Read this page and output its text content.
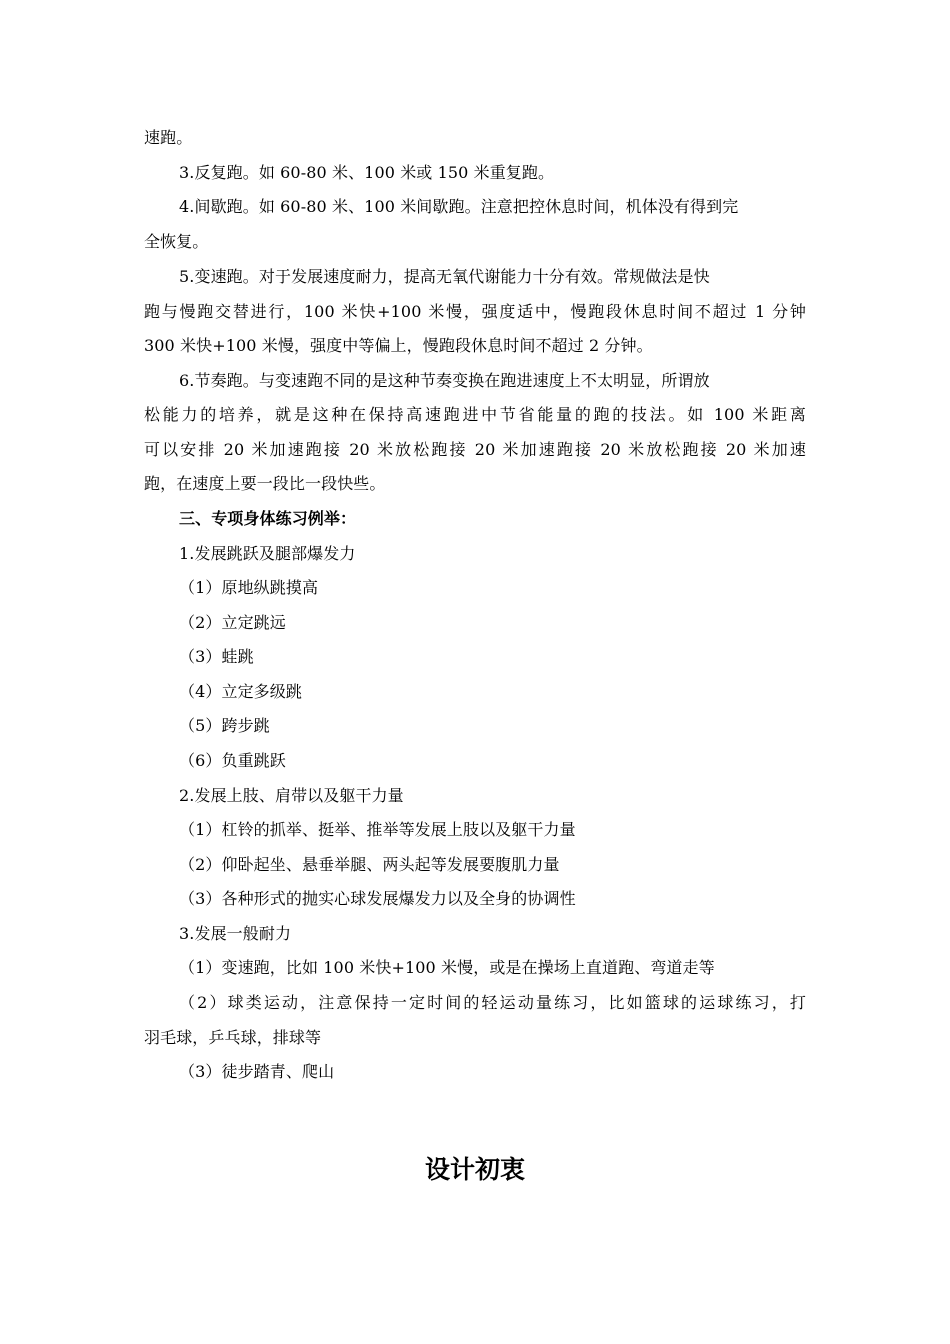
速跑。

3.反复跑。如 60-80 米、100 米或 150 米重复跑。

4.间歇跑。如 60-80 米、100 米间歇跑。注意把控休息时间，机体没有得到完

全恢复。

5.变速跑。对于发展速度耐力，提高无氧代谢能力十分有效。常规做法是快

跑与慢跑交替进行，100 米快+100 米慢，强度适中，慢跑段休息时间不超过 1 分钟

300 米快+100 米慢，强度中等偏上，慢跑段休息时间不超过 2 分钟。

6.节奏跑。与变速跑不同的是这种节奏变换在跑进速度上不太明显，所谓放

松能力的培养，就是这种在保持高速跑进中节省能量的跑的技法。如 100 米距离

可以安排 20 米加速跑接 20 米放松跑接 20 米加速跑接 20 米放松跑接 20 米加速

跑，在速度上要一段比一段快些。

三、专项身体练习例举：

1.发展跳跃及腿部爆发力

（1）原地纵跳摸高

（2）立定跳远

（3）蛙跳

（4）立定多级跳

（5）跨步跳

（6）负重跳跃

2.发展上肢、肩带以及躯干力量

（1）杠铃的抓举、挺举、推举等发展上肢以及躯干力量

（2）仰卧起坐、悬垂举腿、两头起等发展要腹肌力量

（3）各种形式的抛实心球发展爆发力以及全身的协调性

3.发展一般耐力

（1）变速跑，比如 100 米快+100 米慢，或是在操场上直道跑、弯道走等

（2）球类运动，注意保持一定时间的轻运动量练习，比如篮球的运球练习，打

羽毛球，乒乓球，排球等

（3）徒步踏青、爬山

设计初衷
